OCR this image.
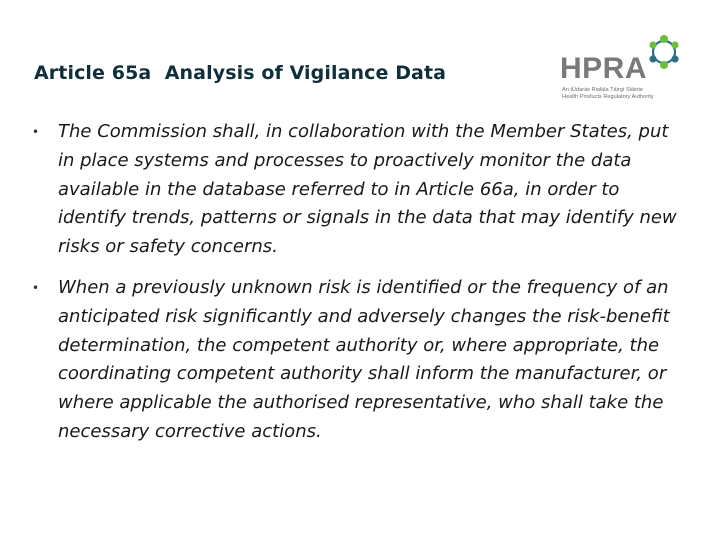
Article 65a  Analysis of Vigilance Data	HPRA
An tÚdarás Rialála Táirgí Sláinte
Health Products Regulatory Authority
• The Commission shall, in collaboration with the Member States, put in place systems and processes to proactively monitor the data available in the database referred to in Article 66a, in order to identify trends, patterns or signals in the data that may identify new risks or safety concerns.
• When a previously unknown risk is identified or the frequency of an anticipated risk significantly and adversely changes the risk-benefit determination, the competent authority or, where appropriate, the coordinating competent authority shall inform the manufacturer, or where applicable the authorised representative, who shall take the necessary corrective actions.
